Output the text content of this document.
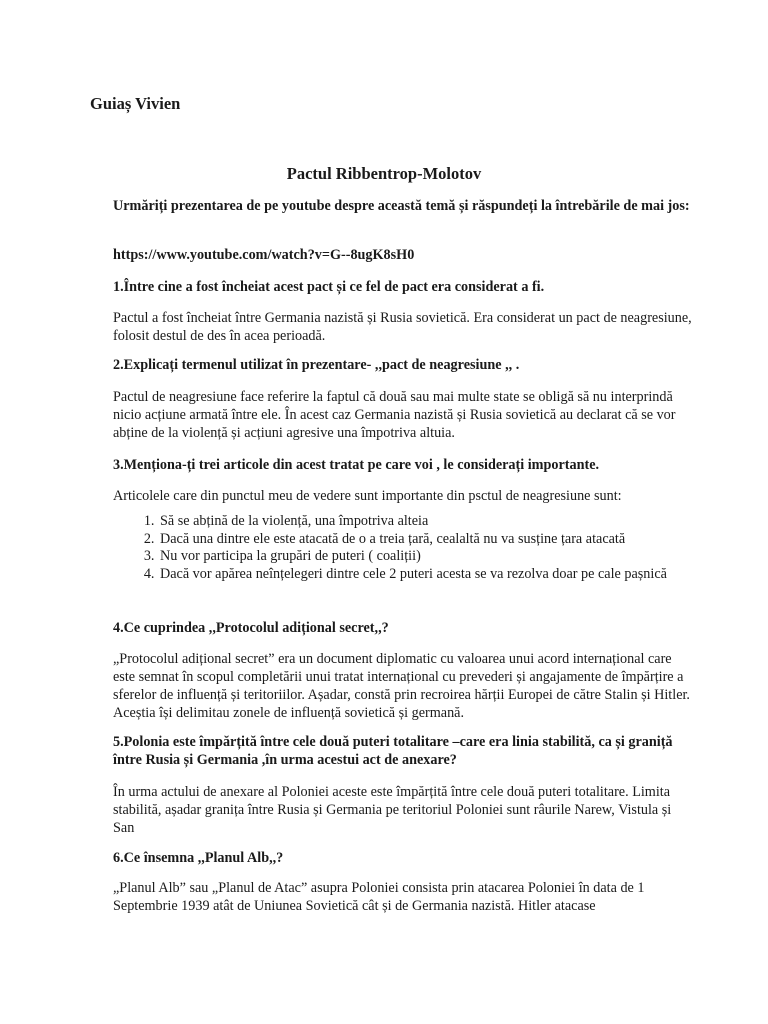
Guiaș Vivien
Pactul Ribbentrop-Molotov
Urmăriți prezentarea de pe youtube despre această temă și răspundeți la întrebările de mai jos:
https://www.youtube.com/watch?v=G--8ugK8sH0
1.Între cine a fost încheiat acest pact și ce fel de pact era considerat a fi.
Pactul a fost încheiat între Germania nazistă și Rusia sovietică. Era considerat un pact de neagresiune, folosit destul de des în acea perioadă.
2.Explicați termenul utilizat în prezentare- ,,pact de neagresiune ,, .
Pactul de neagresiune face referire la faptul că două sau mai multe state se obligă să nu interprindă nicio acțiune armată între ele. În acest caz Germania nazistă și Rusia sovietică au declarat că se vor abține de la violență și acțiuni agresive una împotriva altuia.
3.Menționa-ți trei articole din acest tratat pe care voi , le considerați importante.
Articolele care din punctul meu de vedere sunt importante din psctul de neagresiune sunt:
1. Să se abțină de la violență, una împotriva alteia
2. Dacă una dintre ele este atacată de o a treia țară, cealaltă nu va susține țara atacată
3. Nu vor participa la grupări de puteri ( coaliții)
4. Dacă vor apărea neînțelegeri dintre cele 2 puteri acesta se va rezolva doar pe cale pașnică
4.Ce cuprindea ,,Protocolul adițional secret,,?
„Protocolul adițional secret” era un document diplomatic cu valoarea unui acord internațional care este semnat în scopul completării unui tratat internațional cu prevederi și angajamente de împărțire a sferelor de influență și teritoriilor. Așadar, constă prin recroirea hărții Europei de către Stalin și Hitler. Aceștia își delimitau zonele de influență sovietică și germană.
5.Polonia este împărțită între cele două puteri totalitare –care era linia stabilită, ca și graniță între Rusia și Germania ,în urma acestui act de anexare?
În urma actului de anexare al Poloniei aceste este împărțită între cele două puteri totalitare. Limita stabilită, așadar granița între Rusia și Germania pe teritoriul Poloniei sunt râurile Narew, Vistula și San
6.Ce însemna ,,Planul Alb,,?
„Planul Alb” sau „Planul de Atac” asupra Poloniei consista prin atacarea Poloniei în data de 1 Septembrie 1939 atât de Uniunea Sovietică cât și de Germania nazistă. Hitler atacase
